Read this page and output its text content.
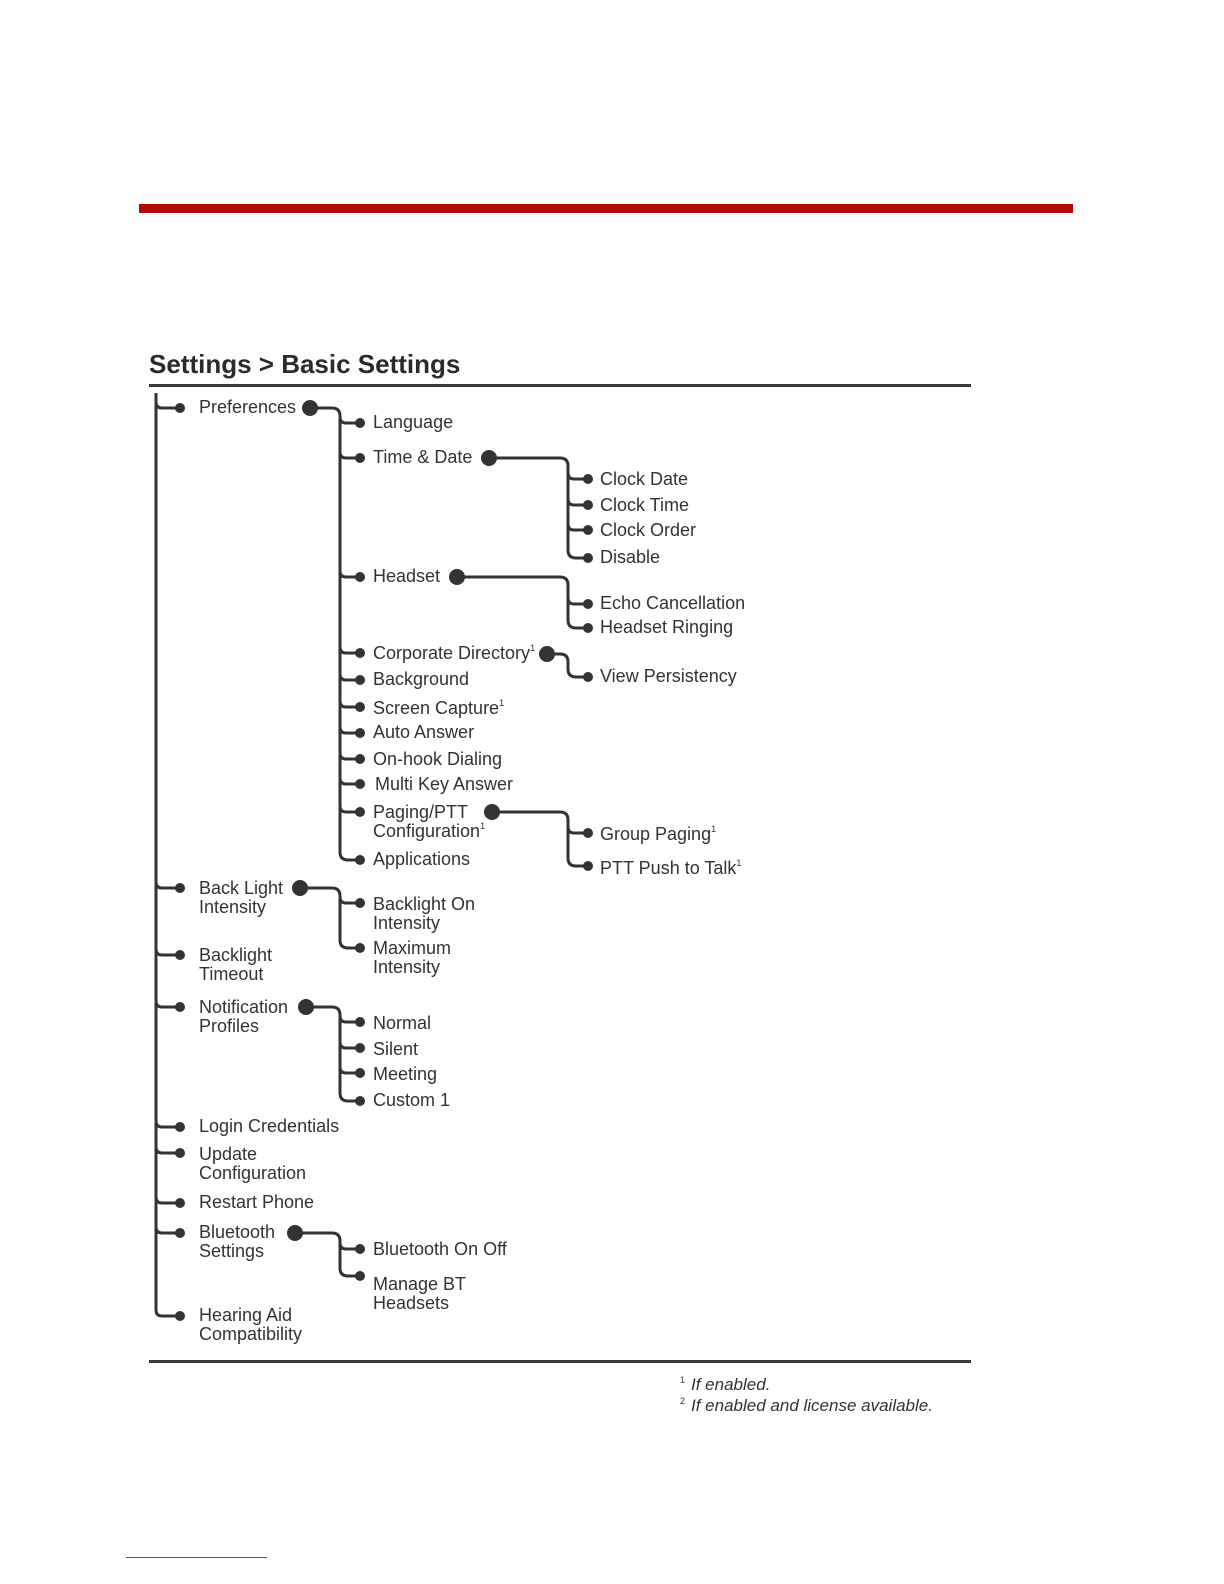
Settings > Basic Settings
Preferences
Back Light
Intensity
Backlight
Timeout
Notification
Profiles
Login Credentials
Update
Configuration
Restart Phone
Bluetooth
Settings
Hearing Aid
Compatibility
Language
Time & Date
Headset
Corporate Directory$^1$
Background
Screen Capture$^1$
Auto Answer
On-hook Dialing
Multi Key Answer
Paging/PTT
Configuration$^1$
Applications
Clock Date
Clock Time
Clock Order
Disable
Echo Cancellation
Headset Ringing
View Persistency
Group Paging$^1$
PTT Push to Talk$^1$
Backlight On
Intensity
Maximum
Intensity
Normal
Silent
Meeting
Custom 1
Bluetooth On Off
Manage BT
Headsets
$^1$ If enabled.
$^2$ If enabled and license available.
